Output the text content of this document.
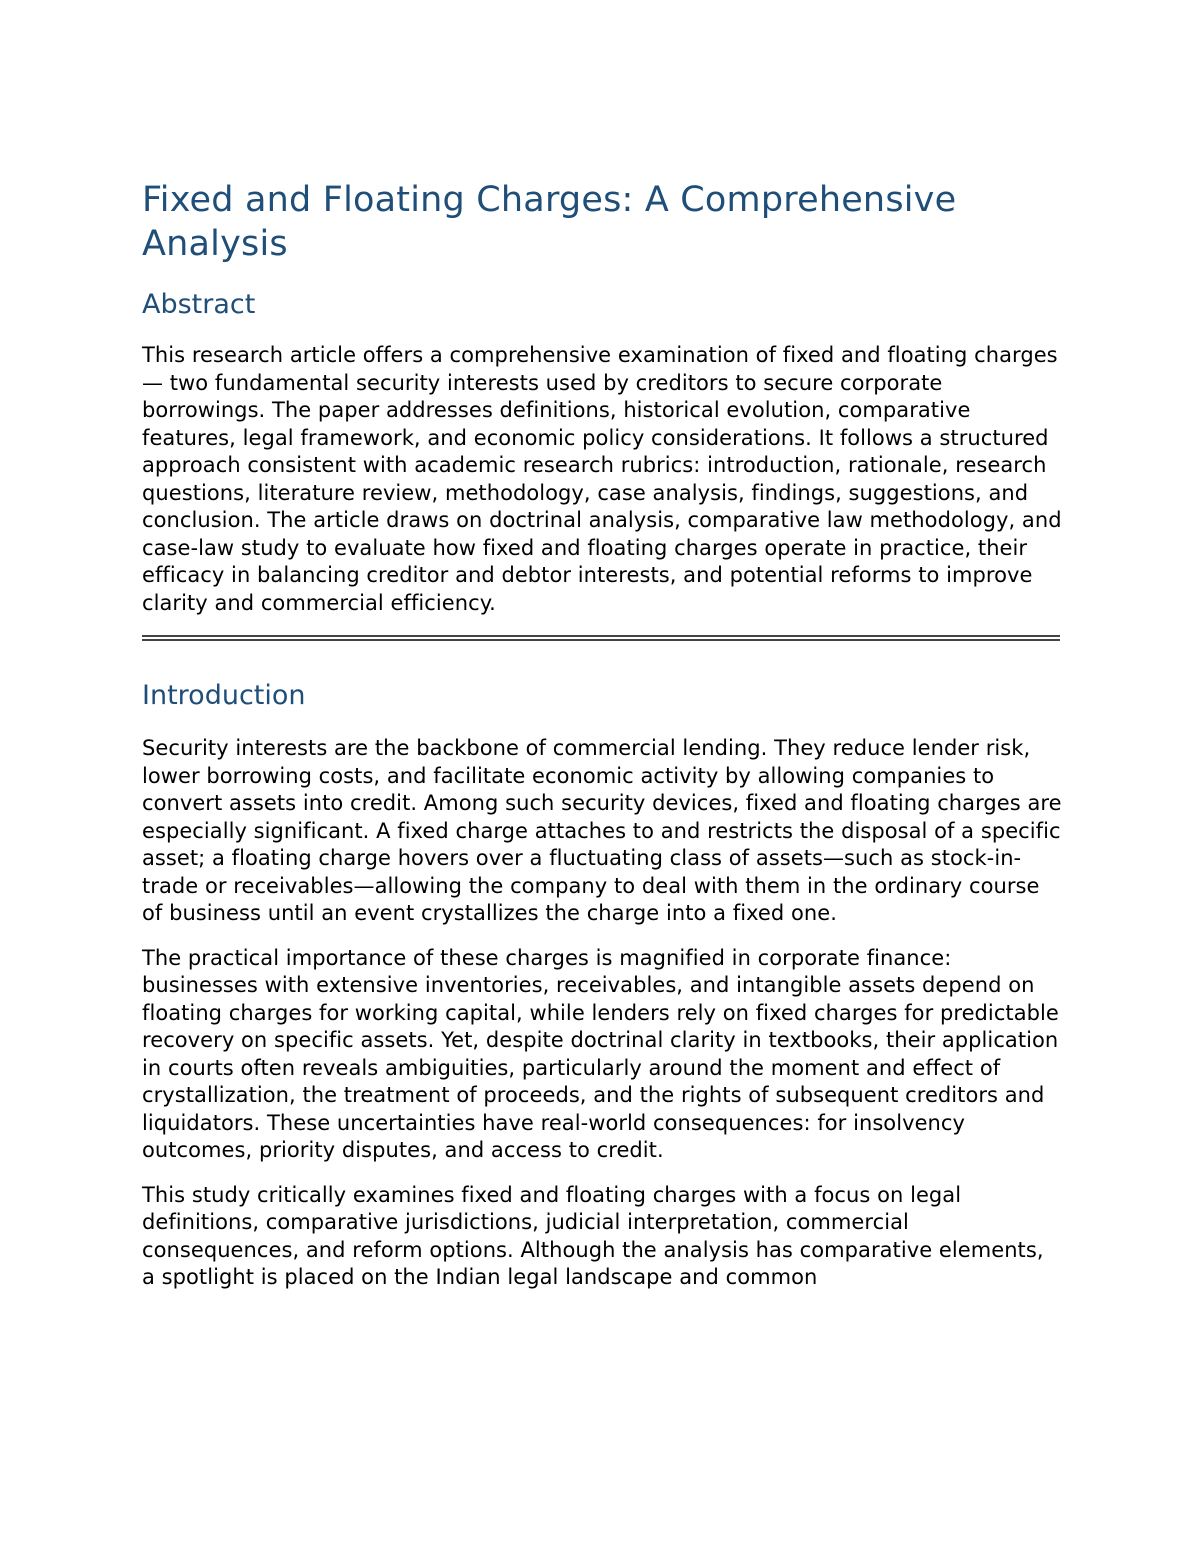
Fixed and Floating Charges: A Comprehensive Analysis
Abstract

This research article offers a comprehensive examination of fixed and floating charges — two fundamental security interests used by creditors to secure corporate borrowings. The paper addresses definitions, historical evolution, comparative features, legal framework, and economic policy considerations. It follows a structured approach consistent with academic research rubrics: introduction, rationale, research questions, literature review, methodology, case analysis, findings, suggestions, and conclusion. The article draws on doctrinal analysis, comparative law methodology, and case-law study to evaluate how fixed and floating charges operate in practice, their efficacy in balancing creditor and debtor interests, and potential reforms to improve clarity and commercial efficiency.

Introduction

Security interests are the backbone of commercial lending. They reduce lender risk, lower borrowing costs, and facilitate economic activity by allowing companies to convert assets into credit. Among such security devices, fixed and floating charges are especially significant. A fixed charge attaches to and restricts the disposal of a specific asset; a floating charge hovers over a fluctuating class of assets—such as stock-in-trade or receivables—allowing the company to deal with them in the ordinary course of business until an event crystallizes the charge into a fixed one.

The practical importance of these charges is magnified in corporate finance: businesses with extensive inventories, receivables, and intangible assets depend on floating charges for working capital, while lenders rely on fixed charges for predictable recovery on specific assets. Yet, despite doctrinal clarity in textbooks, their application in courts often reveals ambiguities, particularly around the moment and effect of crystallization, the treatment of proceeds, and the rights of subsequent creditors and liquidators. These uncertainties have real-world consequences: for insolvency outcomes, priority disputes, and access to credit.

This study critically examines fixed and floating charges with a focus on legal definitions, comparative jurisdictions, judicial interpretation, commercial consequences, and reform options. Although the analysis has comparative elements, a spotlight is placed on the Indian legal landscape and common
